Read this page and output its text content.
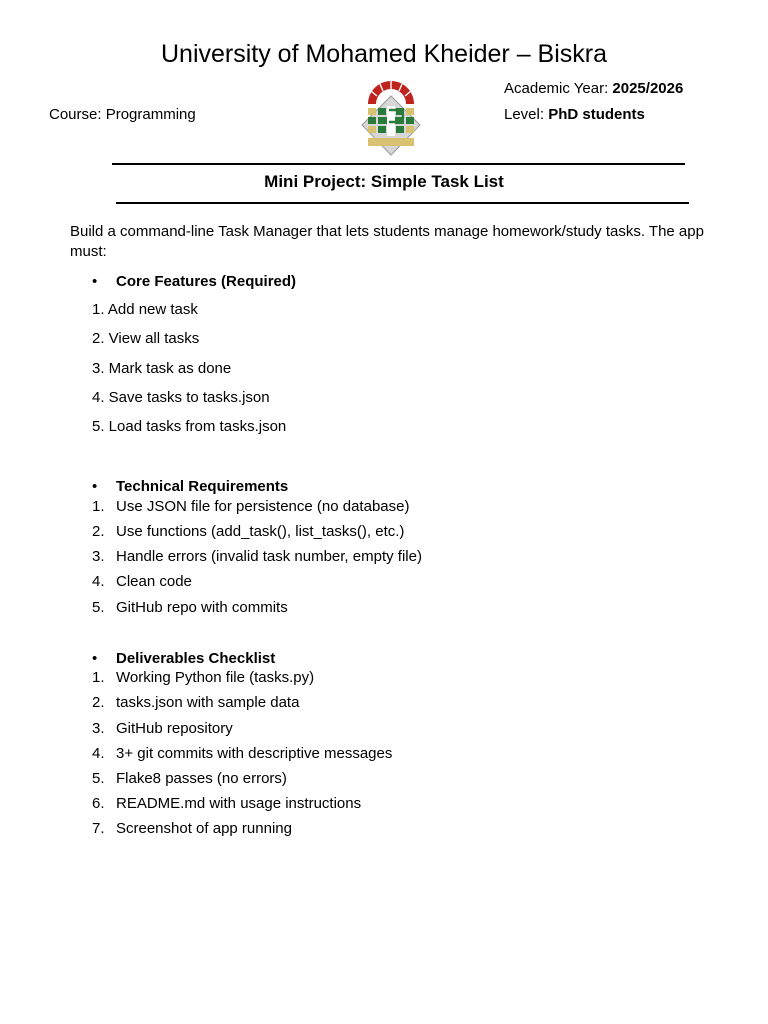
University of Mohamed Kheider – Biskra
Course: Programming
Academic Year: 2025/2026
Level: PhD students
Mini Project: Simple Task List
Build a command-line Task Manager that lets students manage homework/study tasks. The app must:
• Core Features (Required)
1. Add new task
2. View all tasks
3. Mark task as done
4. Save tasks to tasks.json
5. Load tasks from tasks.json
• Technical Requirements
1. Use JSON file for persistence (no database)
2. Use functions (add_task(), list_tasks(), etc.)
3. Handle errors (invalid task number, empty file)
4. Clean code
5. GitHub repo with commits
• Deliverables Checklist
1. Working Python file (tasks.py)
2. tasks.json with sample data
3. GitHub repository
4. 3+ git commits with descriptive messages
5. Flake8 passes (no errors)
6. README.md with usage instructions
7. Screenshot of app running
